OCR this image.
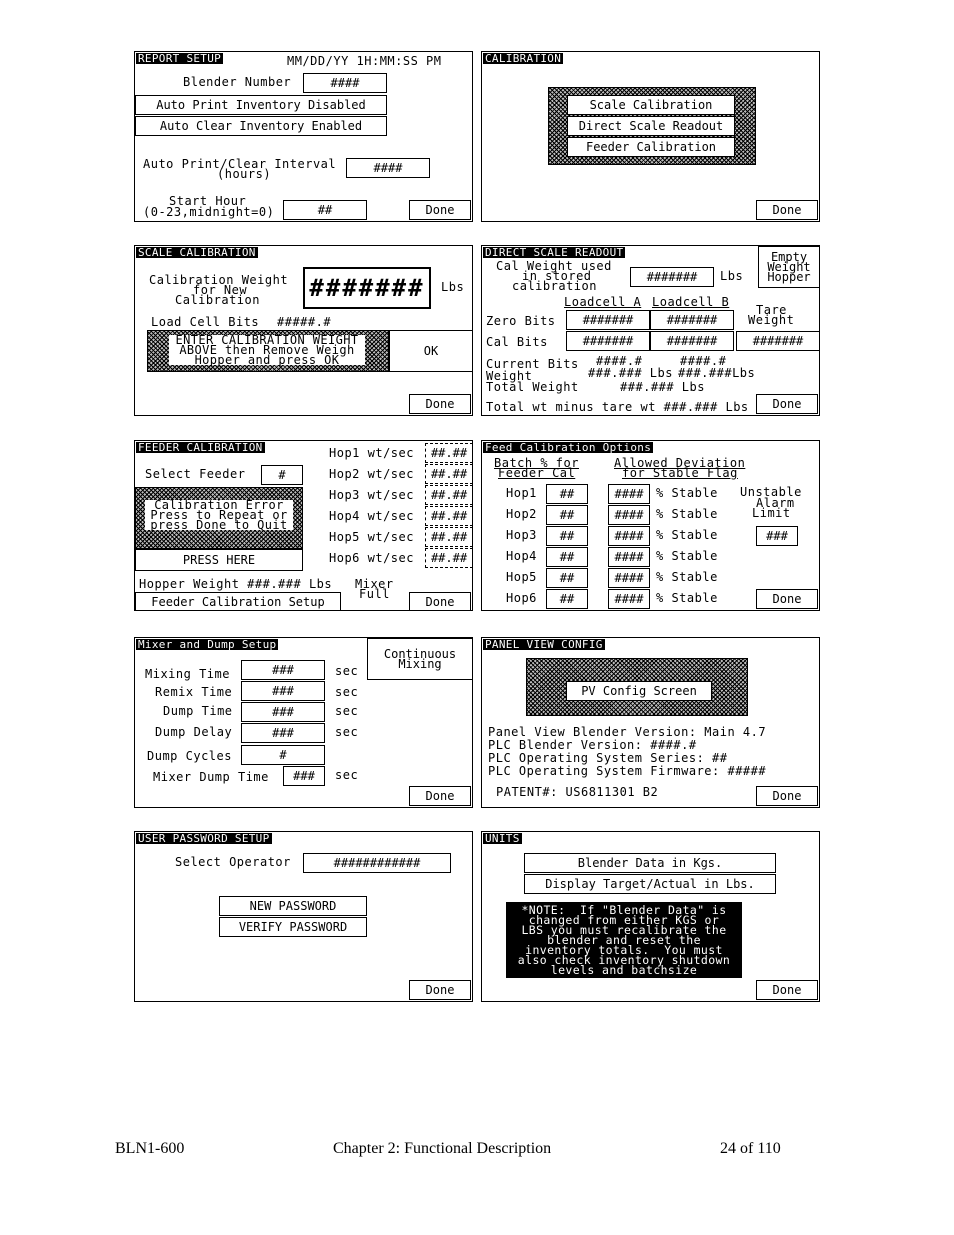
REPORT SETUP	MM/DD/YY 1H:MM:SS PM
Blender Number	####
Auto Print Inventory Disabled
Auto Clear Inventory Enabled
Auto Print/Clear Interval
(hours)	####
Start Hour
(0-23,midnight=0)	##	Done
CALIBRATION
Scale Calibration
Direct Scale Readout
Feeder Calibration
Done
SCALE CALIBRATION
Calibration Weight
for New
Calibration #######	Lbs
Load Cell Bits #####.#
ENTER CALIBRATION WEIGHT
ABOVE then Remove Weigh
Hopper and press OK
OK
Done
DIRECT SCALE READOUT
Cal Weight used
in stored
calibration
#######	Lbs
Empty
Weight
Hopper
Loadcell A Loadcell B
Tare
Weight
Zero Bits	#######	#######
Cal Bits	#######	#######	#######
Current Bits ####.#	####.#
Weight	###.### Lbs ###.###Lbs
Total Weight	###.### Lbs
Total wt minus tare wt ###.### Lbs	Done
FEEDER CALIBRATION
Select Feeder	#
Calibration Error
Press to Repeat or
press Done to Quit
PRESS HERE
Hop1 wt/sec	##.##
Hop2 wt/sec	##.##
Hop3 wt/sec	##.##
Hop4 wt/sec	##.##
Hop5 wt/sec	##.##
Hop6 wt/sec	##.##
Hopper Weight ###.### Lbs Mixer
Full
Feeder Calibration Setup	Done
Feed Calibration Options
Batch % for
Feeder Cal
Allowed Deviation
for Stable Flag
Hop1	##	####	% Stable
Hop2	##	####	% Stable
Hop3	##	####	% Stable
Hop4	##	####	% Stable
Hop5	##	####	% Stable
Hop6	##	####	% Stable
Unstable
Alarm
Limit
###
Done
Mixer and Dump Setup
Continuous
Mixing
Mixing Time	###	sec
Remix Time	###	sec
Dump Time	###	sec
Dump Delay	###	sec
Dump Cycles	#
Mixer Dump Time	###	sec
Done
PANEL VIEW CONFIG
PV Config Screen
Panel View Blender Version: Main 4.7
PLC Blender Version: ####.#
PLC Operating System Series: ##
PLC Operating System Firmware: #####
PATENT#: US6811301 B2	Done
USER PASSWORD SETUP
Select Operator	############
NEW PASSWORD
VERIFY PASSWORD
Done
UNITS
Blender Data in Kgs.
Display Target/Actual in Lbs.
*NOTE:  If "Blender Data" is
changed from either KGS or
LBS you must recalibrate the
blender and reset the
inventory totals.  You must
also check inventory shutdown
levels and batchsize
Done
BLN1-600	Chapter 2: Functional Description	24 of 110
